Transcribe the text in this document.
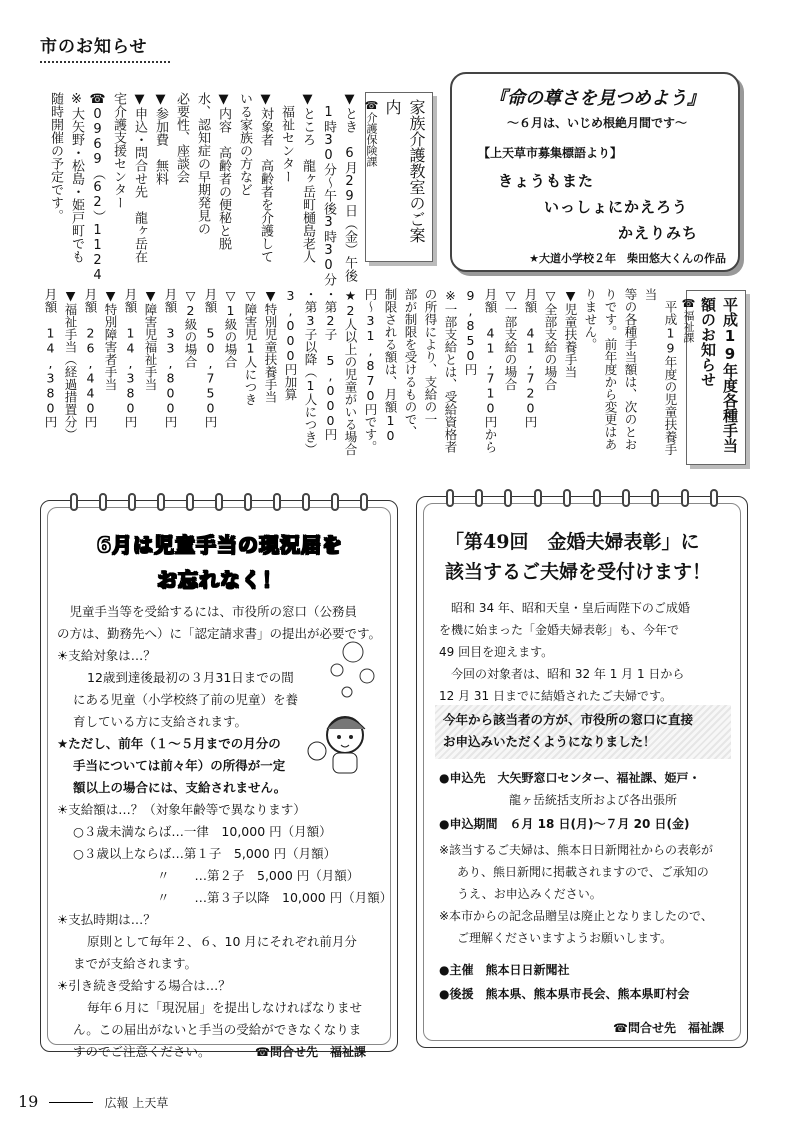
市のお知らせ
▼とき　6月29日（金）午後
　1時30分～午後3時30分
▼ところ　龍ヶ岳町樋島老人
　福祉センター
▼対象者　高齢者を介護して
いる家族の方など
▼内容　高齢者の便秘と脱
水、認知症の早期発見の
必要性、座談会
▼参加費　無料
▼申込・問合せ先　龍ヶ岳在
宅介護支援センター
☎0969（62）1124
※大矢野・松島・姫戸町でも
随時開催の予定です。	家族介護教室のご案内
☎介護保険課
『命の尊さを見つめよう』
～６月は、いじめ根絶月間です～
【上天草市募集標語より】
きょうもまた
いっしょにかえろう
かえりみち
★大道小学校２年　柴田悠大くんの作品
　平成19年度の児童扶養手当
等の各種手当額は、次のとお
りです。前年度から変更はあ
りません。
▼児童扶養手当
▽全部支給の場合
月額　41,720円
▽一部支給の場合
月額　41,710円から
9,850円
※一部支給とは、受給資格者
の所得により、支給の一
部が制限を受けるもので、
制限される額は、月額10
円～31,870円です。
★2人以上の児童がいる場合
・第2子　5,000円
・第3子以降（1人につき）
3,000円加算
▼特別児童扶養手当
▽障害児1人につき
▽1級の場合
月額　50,750円
▽2級の場合
月額　33,800円
▼障害児福祉手当
月額　14,380円
▼特別障害者手当
月額　26,440円
▼福祉手当（経過措置分）
月額　14,380円	平成19年度各種手当額のお知らせ
☎福祉課
6月は児童手当の現況届を
お忘れなく！
　児童手当等を受給するには、市役所の窓口（公務員
の方は、勤務先へ）に「認定請求書」の提出が必要です。
☀支給対象は…？
12歳到達後最初の３月31日までの間
にある児童（小学校終了前の児童）を養
育している方に支給されます。
★ただし、前年（１～５月までの月分の
手当については前々年）の所得が一定
額以上の場合には、支給されません。
☀支給額は…？（対象年齢等で異なります）
○３歳未満ならば…一律　10,000 円（月額）
○３歳以上ならば…第１子　5,000 円（月額）
〃　　…第２子　5,000 円（月額）
〃　　…第３子以降　10,000 円（月額）
☀支払時期は…？
原則として毎年２、６、10 月にそれぞれ前月分
までが支給されます。
☀引き続き受給する場合は…？
毎年６月に「現況届」を提出しなければなりませ
ん。この届出がないと手当の受給ができなくなりま
すのでご注意ください。	☎問合せ先　福祉課
「第49回　金婚夫婦表彰」に
該当するご夫婦を受付けます！
　昭和 34 年、昭和天皇・皇后両陛下のご成婚
を機に始まった「金婚夫婦表彰」も、今年で
49 回目を迎えます。
　今回の対象者は、昭和 32 年 1 月 1 日から
12 月 31 日までに結婚されたご夫婦です。
今年から該当者の方が、市役所の窓口に直接
お申込みいただくようになりました！
●申込先　大矢野窓口センター、福祉課、姫戸・
龍ヶ岳統括支所および各出張所
●申込期間　６月 18 日(月)～７月 20 日(金)
※該当するご夫婦は、熊本日日新聞社からの表彰が
あり、熊日新聞に掲載されますので、ご承知の
うえ、お申込みください。
※本市からの記念品贈呈は廃止となりましたので、
ご理解くださいますようお願いします。
●主催　熊本日日新聞社
●後援　熊本県、熊本県市長会、熊本県町村会
☎問合せ先　福祉課
19	広報 上天草
